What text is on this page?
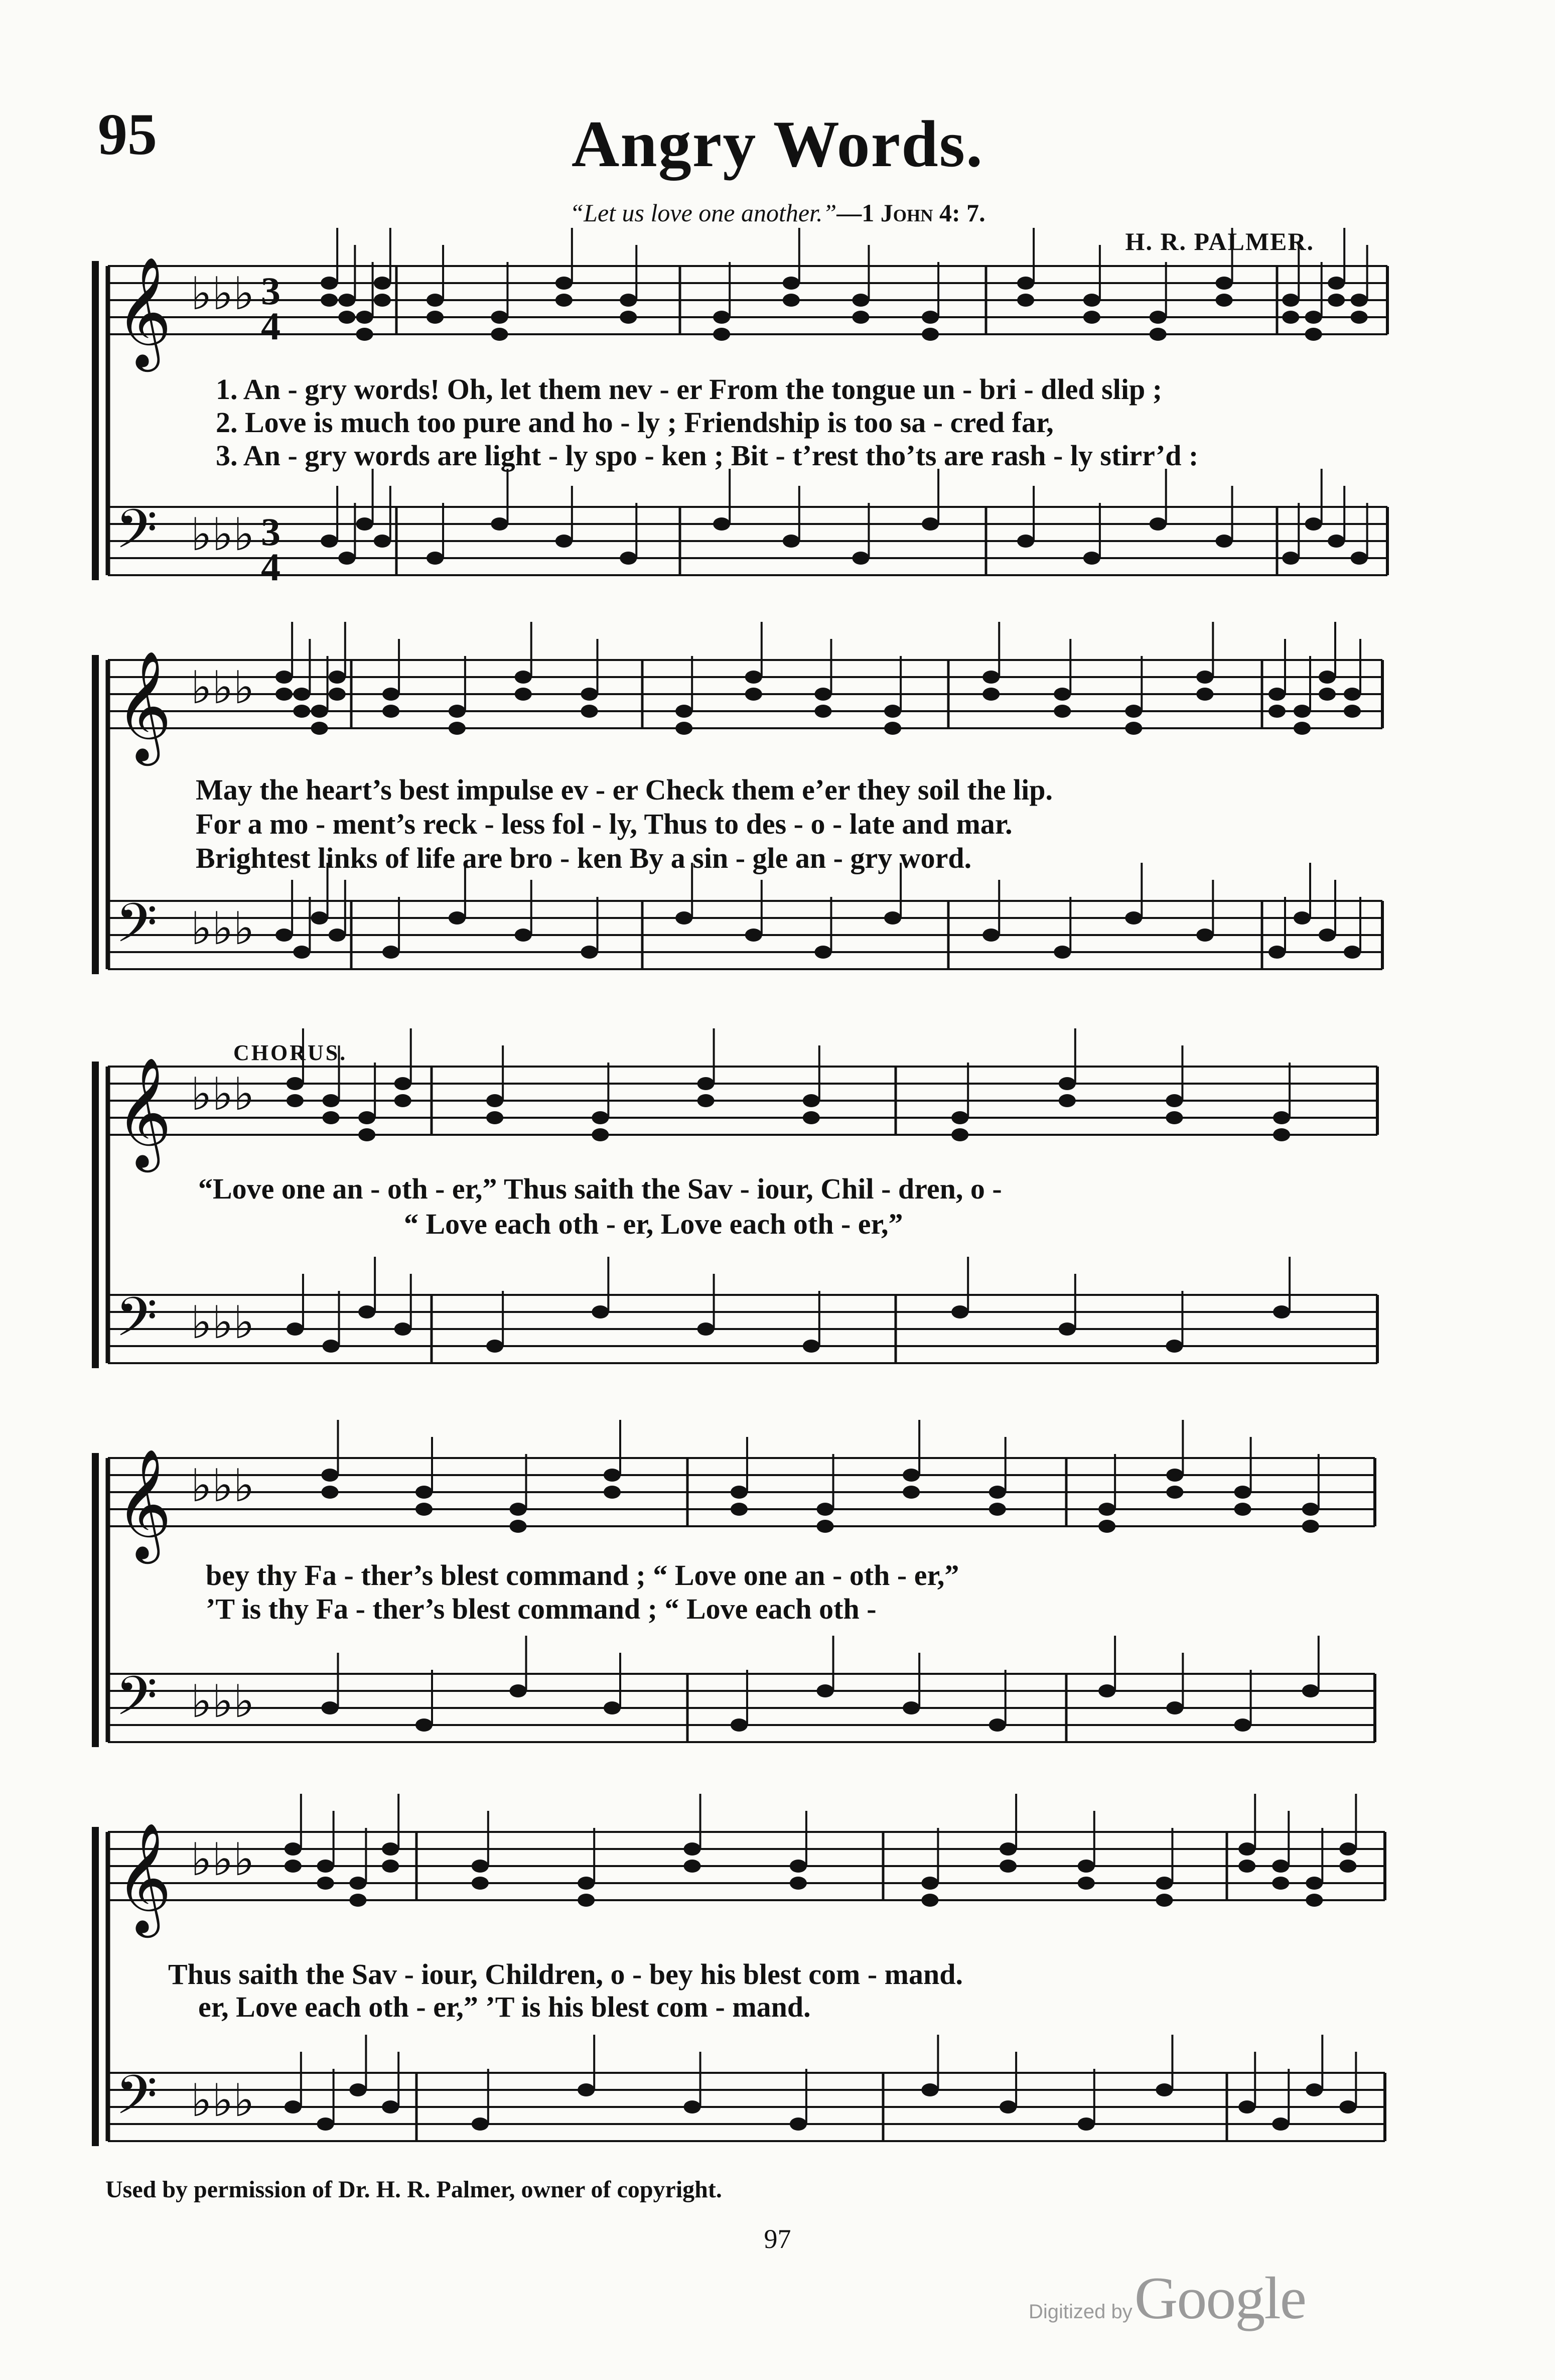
95	Angry Words.
“Let us love one another.”—1 John 4: 7.
H. R. PALMER.
𝄞 ♭♭♭ 3
4
𝄢 ♭♭♭ 3
4
𝄞 ♭♭♭
𝄢 ♭♭♭
𝄞 ♭♭♭
𝄢 ♭♭♭
𝄞 ♭♭♭
𝄢 ♭♭♭
𝄞 ♭♭♭
𝄢 ♭♭♭
1. An - gry words! Oh, let them nev - er From the tongue un - bri - dled slip ;
2. Love is much too pure and ho - ly ; Friendship is too sa - cred far,
3. An - gry words are light - ly spo - ken ; Bit - t’rest tho’ts are rash - ly stirr’d :
May the heart’s best impulse ev - er Check them e’er they soil the lip.
For a mo - ment’s reck - less fol - ly, Thus to des - o - late and mar.
Brightest links of life are bro - ken By a sin - gle an - gry word.
CHORUS.
“Love one an - oth - er,” Thus saith the Sav - iour, Chil - dren, o -
“ Love each oth - er, Love each oth - er,”
bey thy Fa - ther’s blest command ; “ Love one an - oth - er,”
’T is thy Fa - ther’s blest command ; “ Love each oth -
Thus saith the Sav - iour, Children, o - bey his blest com - mand.
er, Love each oth - er,” ’T is his blest com - mand.
Used by permission of Dr. H. R. Palmer, owner of copyright.
97
Digitized by Google
